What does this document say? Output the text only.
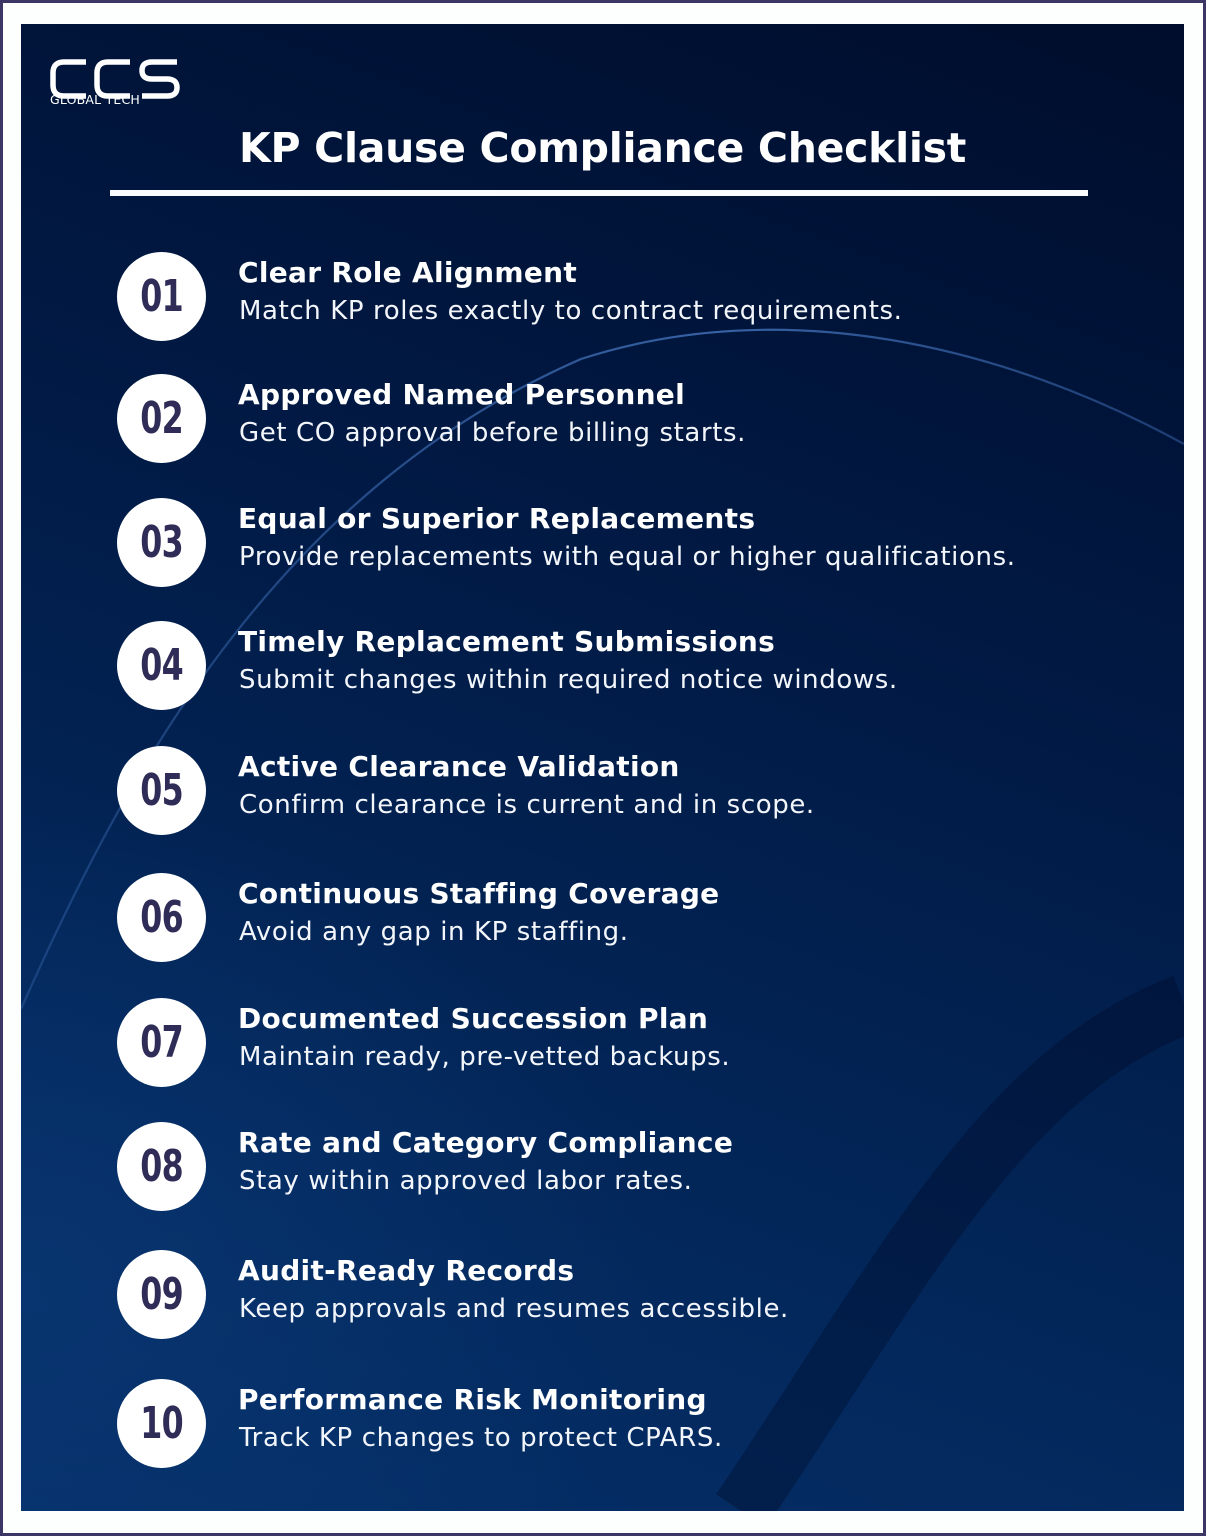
GLOBAL TECH
KP Clause Compliance Checklist
01 Clear Role Alignment
Match KP roles exactly to contract requirements.
02 Approved Named Personnel
Get CO approval before billing starts.
03 Equal or Superior Replacements
Provide replacements with equal or higher qualifications.
04 Timely Replacement Submissions
Submit changes within required notice windows.
05 Active Clearance Validation
Confirm clearance is current and in scope.
06 Continuous Staffing Coverage
Avoid any gap in KP staffing.
07 Documented Succession Plan
Maintain ready, pre-vetted backups.
08 Rate and Category Compliance
Stay within approved labor rates.
09 Audit-Ready Records
Keep approvals and resumes accessible.
10 Performance Risk Monitoring
Track KP changes to protect CPARS.
